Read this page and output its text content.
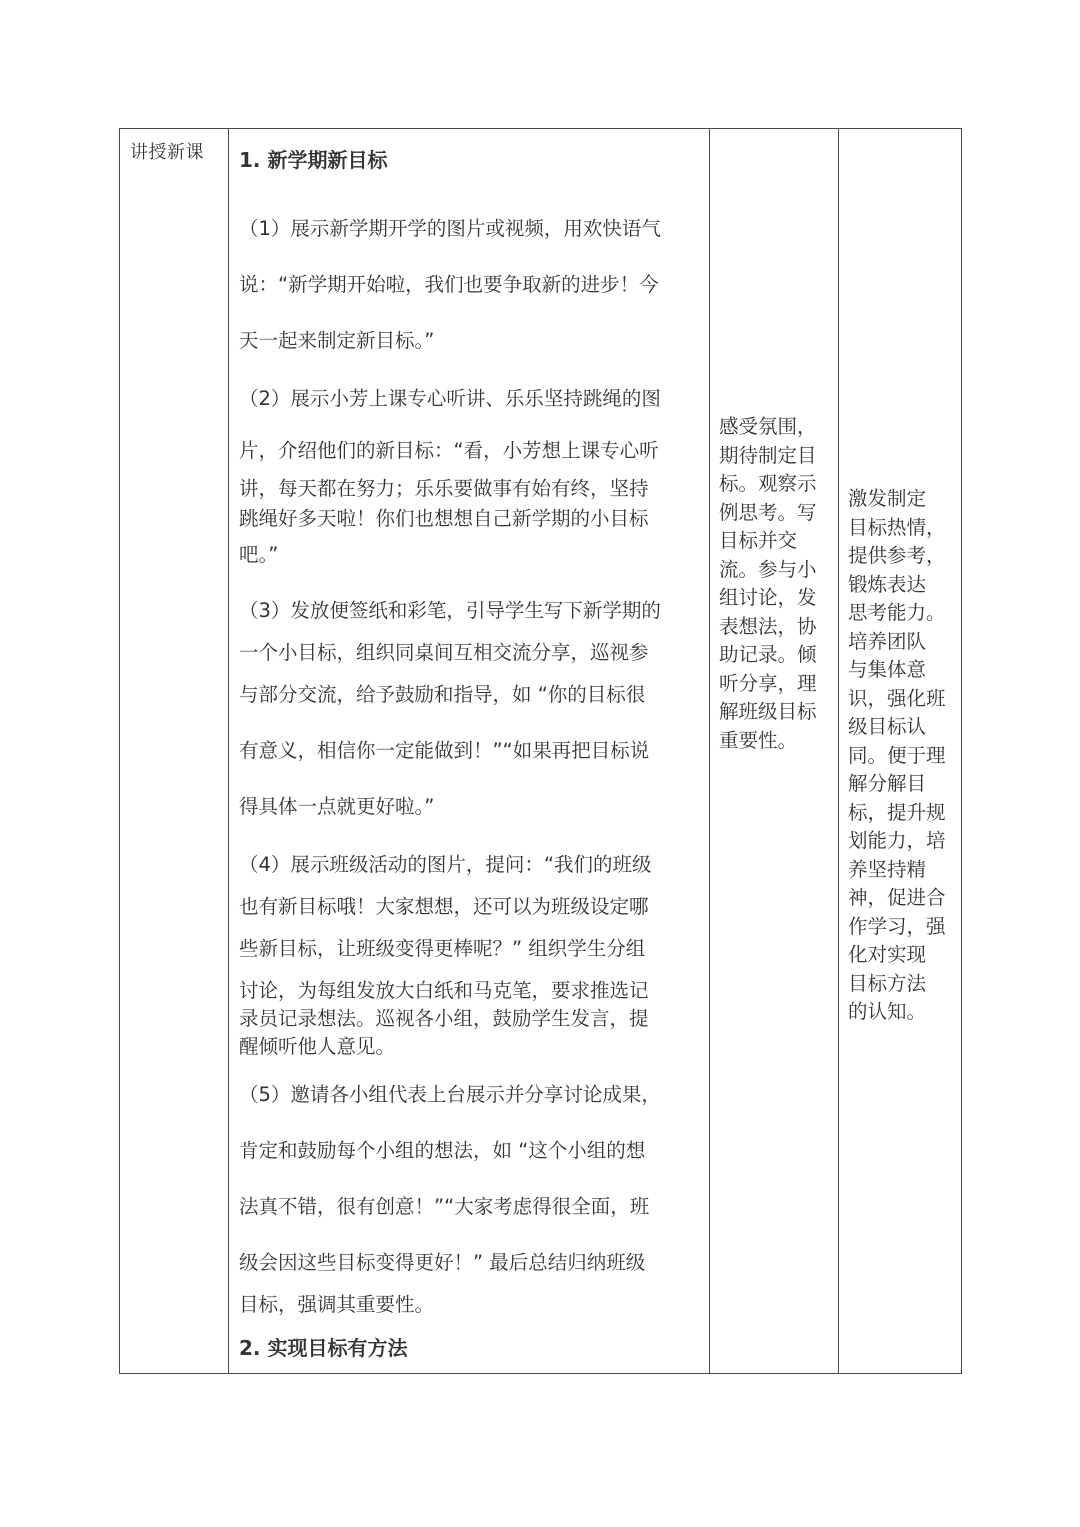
讲授新课 1. 新学期新目标
（1）展示新学期开学的图片或视频，用欢快语气
说：“新学期开始啦，我们也要争取新的进步！今
天一起来制定新目标。”
（2）展示小芳上课专心听讲、乐乐坚持跳绳的图
片，介绍他们的新目标：“看，小芳想上课专心听
讲，每天都在努力；乐乐要做事有始有终，坚持
跳绳好多天啦！你们也想想自己新学期的小目标
吧。”
（3）发放便签纸和彩笔，引导学生写下新学期的
一个小目标，组织同桌间互相交流分享，巡视参
与部分交流，给予鼓励和指导，如 “你的目标很
有意义，相信你一定能做到！”“如果再把目标说
得具体一点就更好啦。”
（4）展示班级活动的图片，提问：“我们的班级
也有新目标哦！大家想想，还可以为班级设定哪
些新目标，让班级变得更棒呢？” 组织学生分组
讨论，为每组发放大白纸和马克笔，要求推选记
录员记录想法。巡视各小组，鼓励学生发言，提
醒倾听他人意见。
（5）邀请各小组代表上台展示并分享讨论成果，
肯定和鼓励每个小组的想法，如 “这个小组的想
法真不错，很有创意！”“大家考虑得很全面，班
级会因这些目标变得更好！” 最后总结归纳班级
目标，强调其重要性。
2. 实现目标有方法
感受氛围，
期待制定目
标。观察示
例思考。写
目标并交
流。参与小
组讨论，发
表想法，协
助记录。倾
听分享，理
解班级目标
重要性。
激发制定
目标热情，
提供参考，
锻炼表达
思考能力。
培养团队
与集体意
识，强化班
级目标认
同。便于理
解分解目
标，提升规
划能力，培
养坚持精
神，促进合
作学习，强
化对实现
目标方法
的认知。
